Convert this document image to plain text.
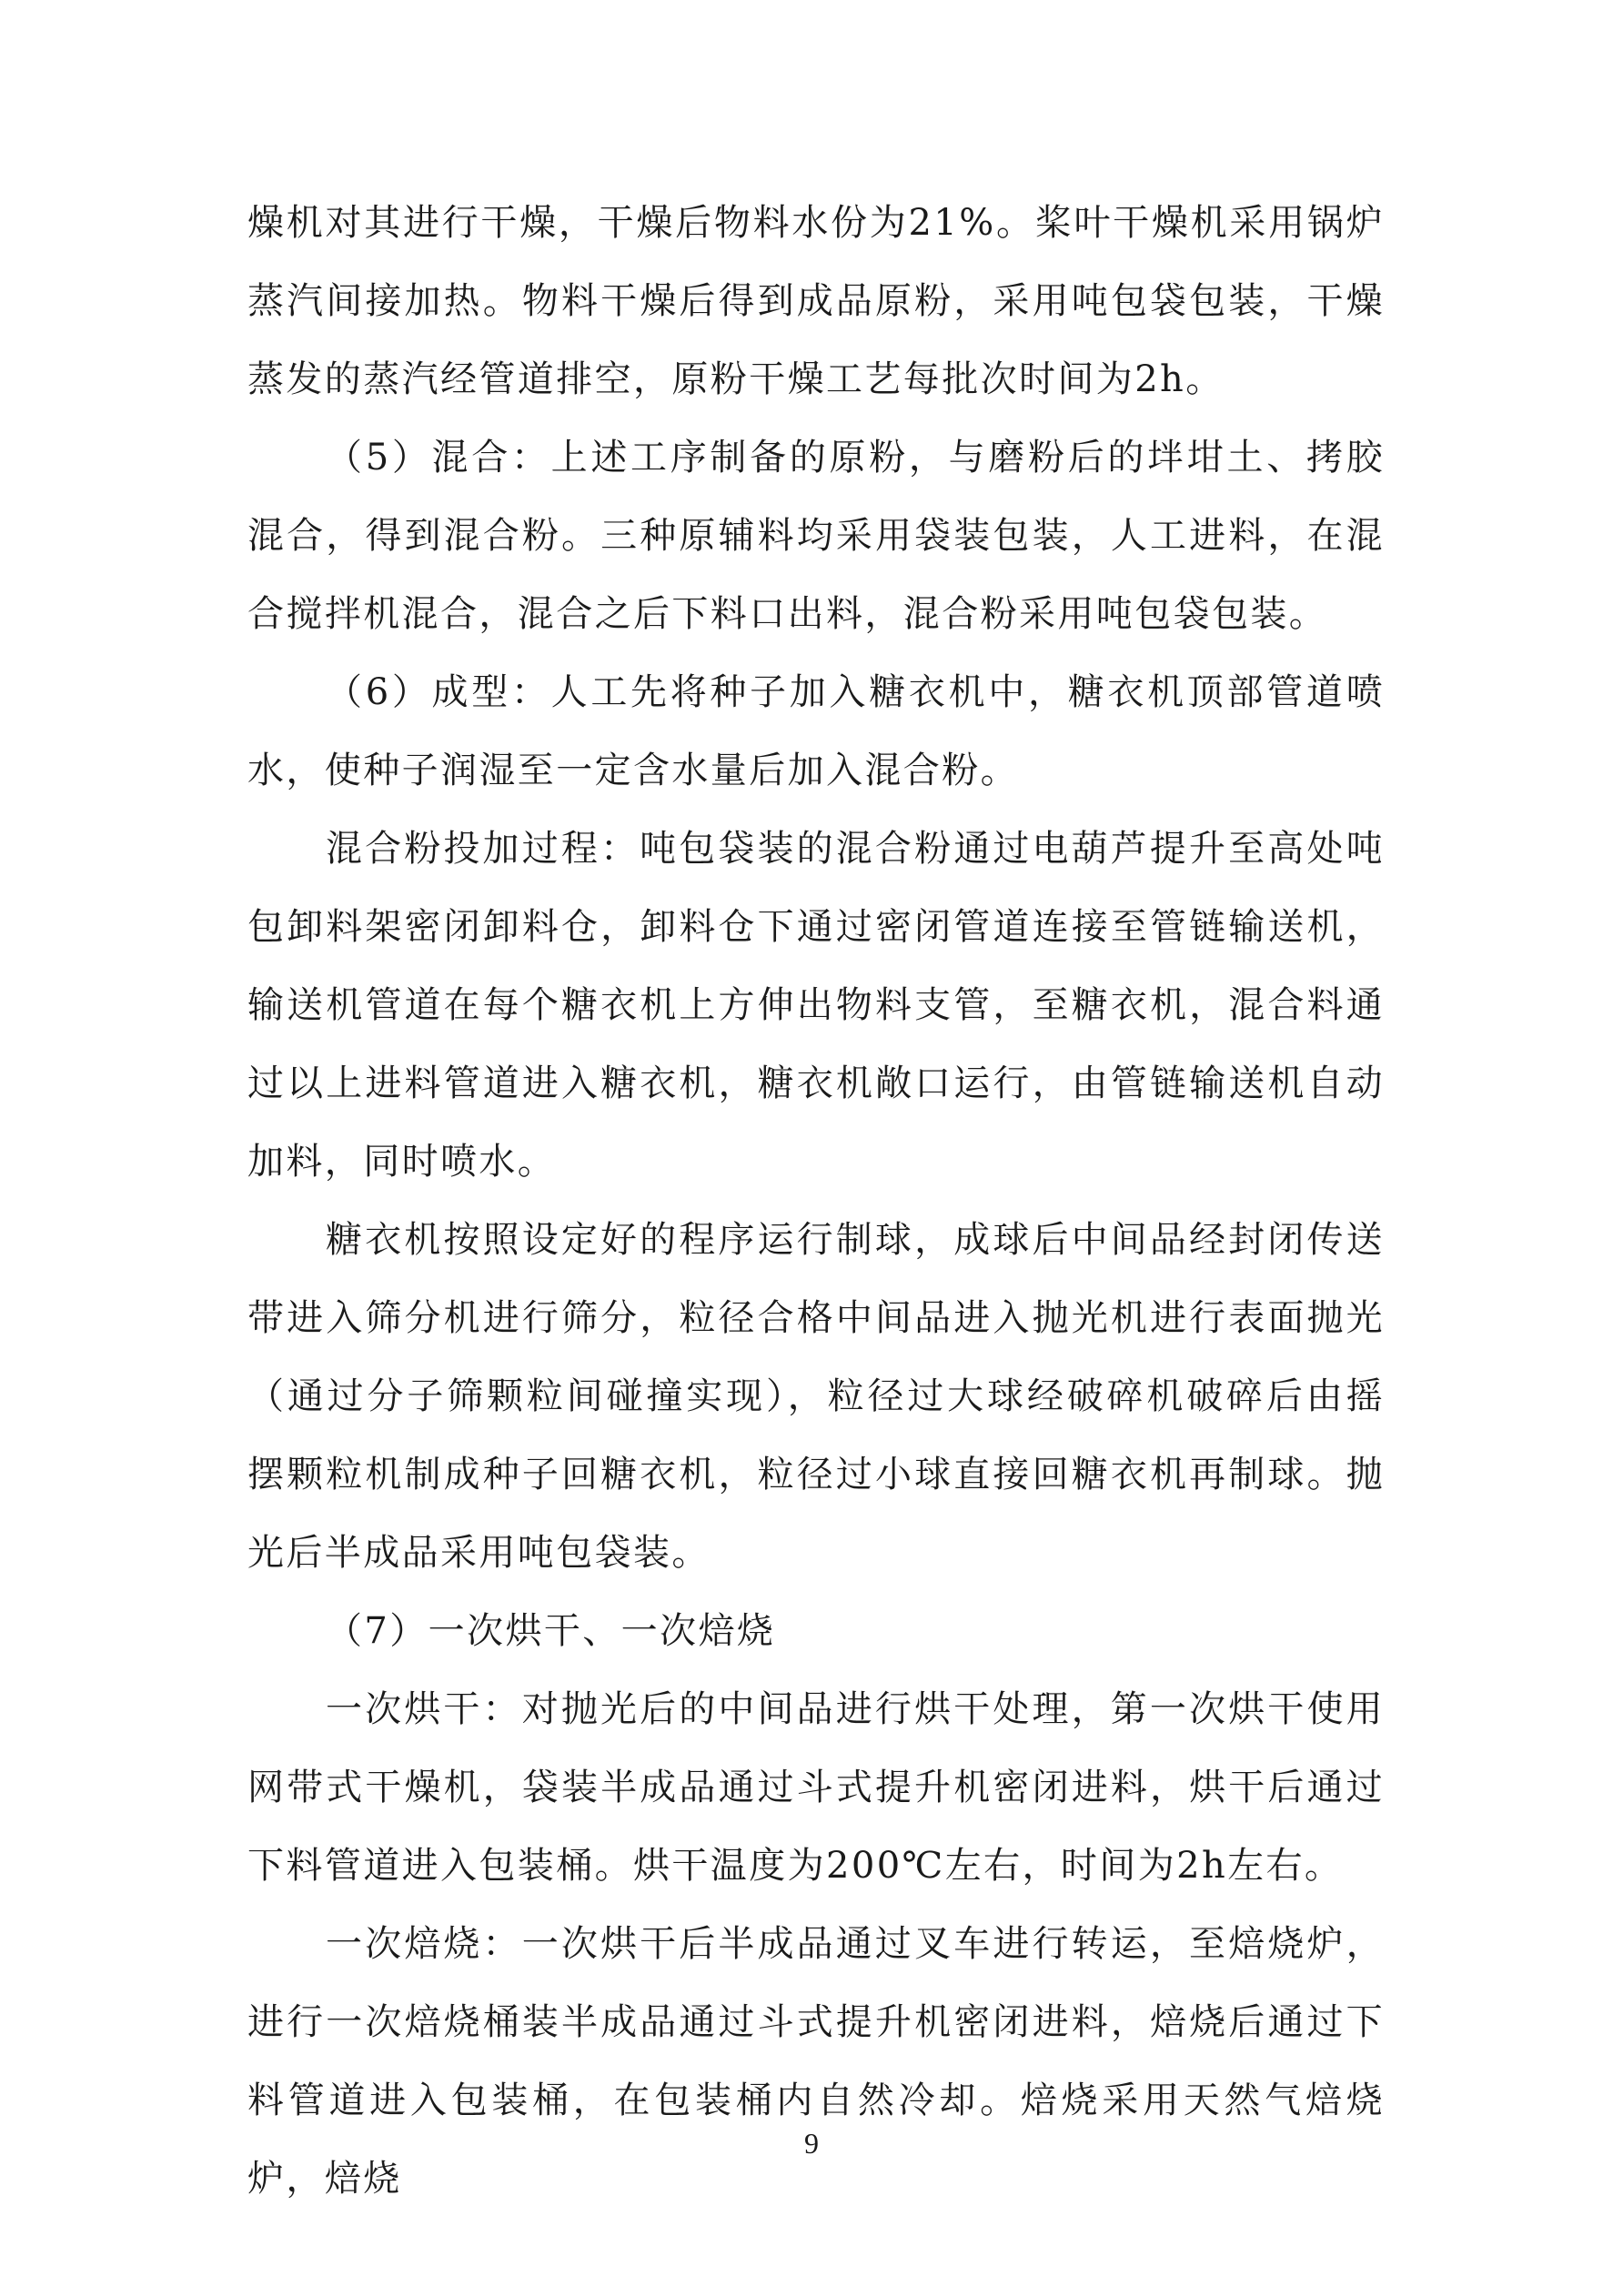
燥机对其进行干燥，干燥后物料水份为21%。桨叶干燥机采用锅炉蒸汽间接加热。物料干燥后得到成品原粉，采用吨包袋包装，干燥蒸发的蒸汽经管道排空，原粉干燥工艺每批次时间为2h。

（5）混合：上述工序制备的原粉，与磨粉后的坢坩土、拷胶混合，得到混合粉。三种原辅料均采用袋装包装，人工进料，在混合搅拌机混合，混合之后下料口出料，混合粉采用吨包袋包装。

（6）成型：人工先将种子加入糖衣机中，糖衣机顶部管道喷水，使种子润湿至一定含水量后加入混合粉。

混合粉投加过程：吨包袋装的混合粉通过电葫芦提升至高处吨包卸料架密闭卸料仓，卸料仓下通过密闭管道连接至管链输送机，输送机管道在每个糖衣机上方伸出物料支管，至糖衣机，混合料通过以上进料管道进入糖衣机，糖衣机敞口运行，由管链输送机自动加料，同时喷水。

糖衣机按照设定好的程序运行制球，成球后中间品经封闭传送带进入筛分机进行筛分，粒径合格中间品进入抛光机进行表面抛光（通过分子筛颗粒间碰撞实现），粒径过大球经破碎机破碎后由摇摆颗粒机制成种子回糖衣机，粒径过小球直接回糖衣机再制球。抛光后半成品采用吨包袋装。

（7）一次烘干、一次焙烧

一次烘干：对抛光后的中间品进行烘干处理，第一次烘干使用网带式干燥机，袋装半成品通过斗式提升机密闭进料，烘干后通过下料管道进入包装桶。烘干温度为200℃左右，时间为2h左右。

一次焙烧：一次烘干后半成品通过叉车进行转运，至焙烧炉，进行一次焙烧桶装半成品通过斗式提升机密闭进料，焙烧后通过下料管道进入包装桶，在包装桶内自然冷却。焙烧采用天然气焙烧炉，焙烧

9
